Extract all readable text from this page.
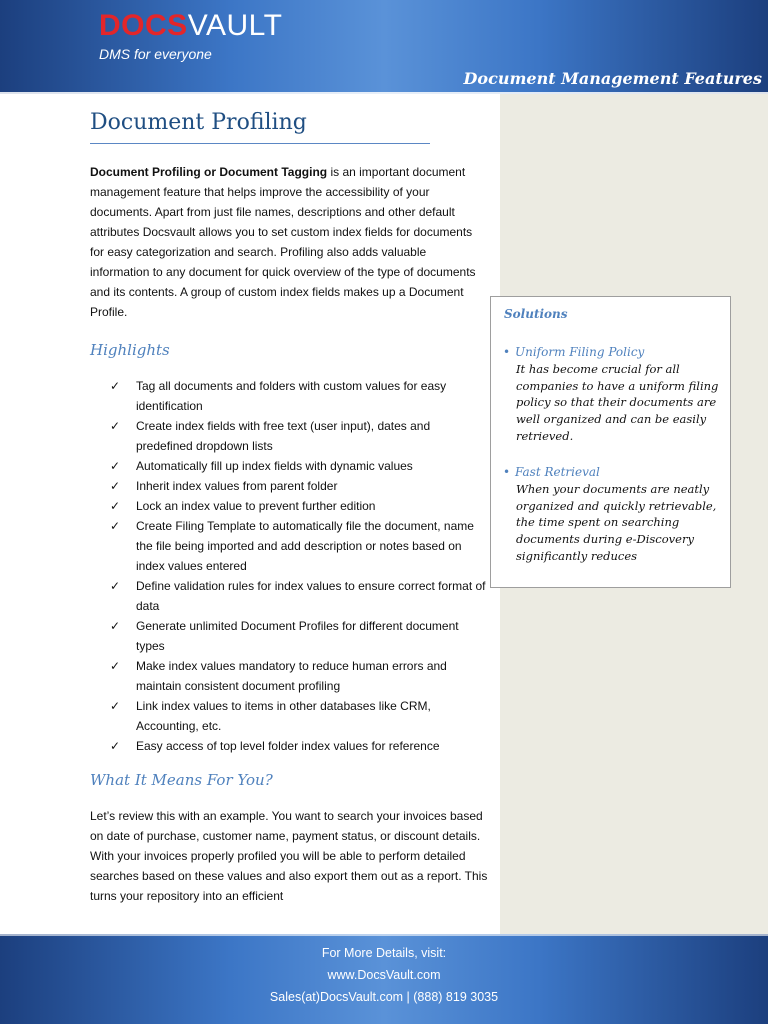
DOCSVAULT
DMS for everyone
Document Management Features
Document Profiling

Document Profiling or Document Tagging is an important document management feature that helps improve the accessibility of your documents. Apart from just file names, descriptions and other default attributes Docsvault allows you to set custom index fields for documents for easy categorization and search. Profiling also adds valuable information to any document for quick overview of the type of documents and its contents. A group of custom index fields makes up a Document Profile.

Highlights
✓ Tag all documents and folders with custom values for easy identification
✓ Create index fields with free text (user input), dates and predefined dropdown lists
✓ Automatically fill up index fields with dynamic values
✓ Inherit index values from parent folder
✓ Lock an index value to prevent further edition
✓ Create Filing Template to automatically file the document, name the file being imported and add description or notes based on index values entered
✓ Define validation rules for index values to ensure correct format of data
✓ Generate unlimited Document Profiles for different document types
✓ Make index values mandatory to reduce human errors and maintain consistent document profiling
✓ Link index values to items in other databases like CRM, Accounting, etc.
✓ Easy access of top level folder index values for reference
What It Means For You?

Let’s review this with an example. You want to search your invoices based on date of purchase, customer name, payment status, or discount details. With your invoices properly profiled you will be able to perform detailed searches based on these values and also export them out as a report. This turns your repository into an efficient

Solutions
• Uniform Filing Policy
It has become crucial for all companies to have a uniform filing policy so that their documents are well organized and can be easily retrieved.
• Fast Retrieval
When your documents are neatly organized and quickly retrievable, the time spent on searching documents during e-Discovery significantly reduces
For More Details, visit:
www.DocsVault.com
Sales(at)DocsVault.com | (888) 819 3035
